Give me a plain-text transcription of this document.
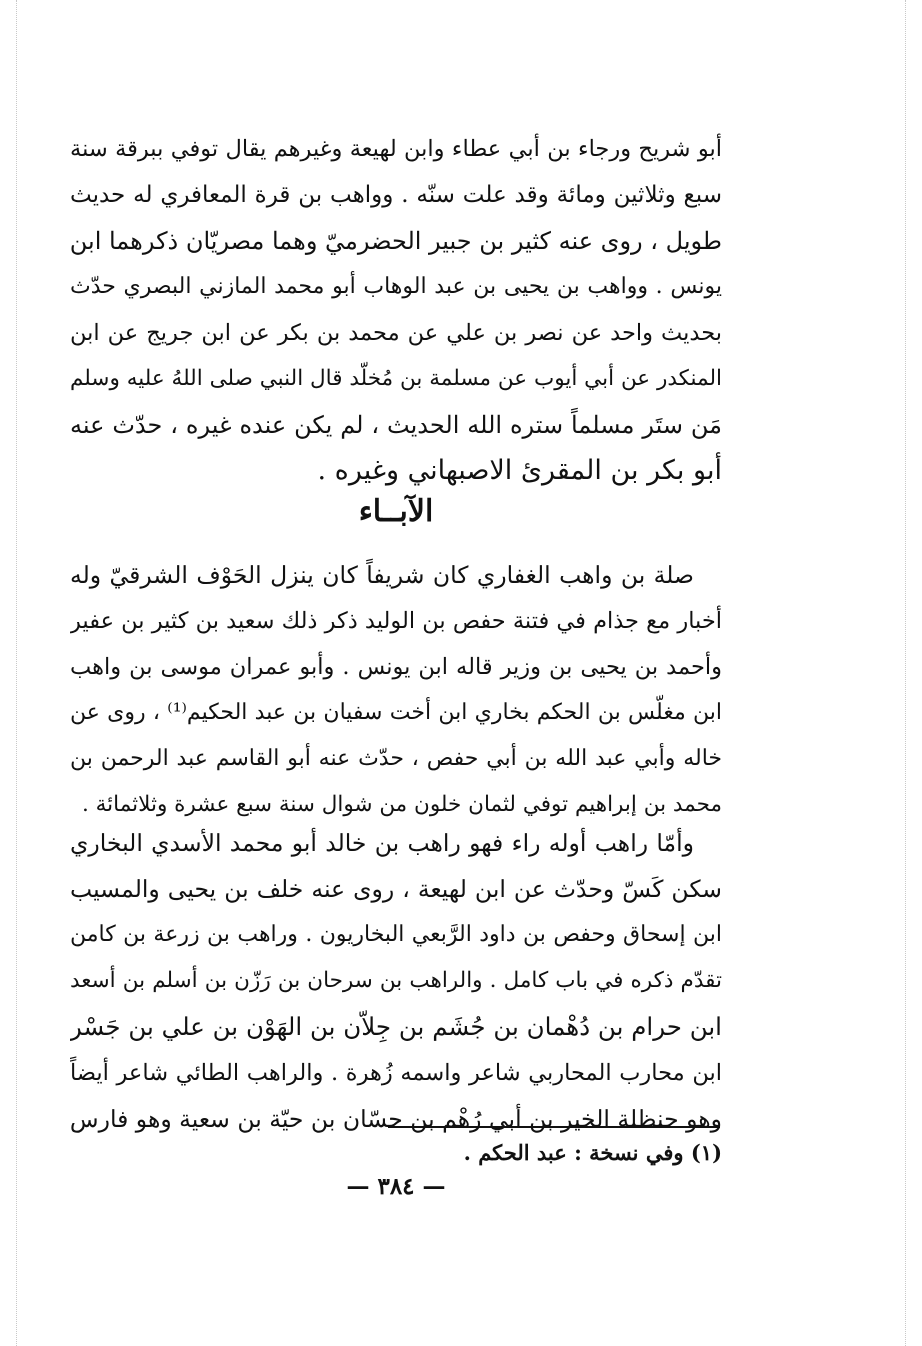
أبو شريح ورجاء بن أبي عطاء وابن لهيعة وغيرهم يقال توفي ببرقة سنة
سبع وثلاثين ومائة وقد علت سنّه . وواهب بن قرة المعافري له حديث
طويل ، روى عنه كثير بن جبير الحضرميّ وهما مصريّان ذكرهما ابن
يونس . وواهب بن يحيى بن عبد الوهاب أبو محمد المازني البصري حدّث
بحديث واحد عن نصر بن علي عن محمد بن بكر عن ابن جريج عن ابن
المنكدر عن أبي أيوب عن مسلمة بن مُخلّد قال النبي صلى اللهُ عليه وسلم
مَن ستَر مسلماً ستره الله الحديث ، لم يكن عنده غيره ، حدّث عنه
أبو بكر بن المقرئ الاصبهاني وغيره .
الآبــاء
صلة بن واهب الغفاري كان شريفاً كان ينزل الحَوْف الشرقيّ وله
أخبار مع جذام في فتنة حفص بن الوليد ذكر ذلك سعيد بن كثير بن عفير
وأحمد بن يحيى بن وزير قاله ابن يونس . وأبو عمران موسى بن واهب
ابن مغلّس بن الحكم بخاري ابن أخت سفيان بن عبد الحكيم⁽¹⁾ ، روى عن
خاله وأبي عبد الله بن أبي حفص ، حدّث عنه أبو القاسم عبد الرحمن بن
محمد بن إبراهيم توفي لثمان خلون من شوال سنة سبع عشرة وثلاثمائة .
وأمّا راهب أوله راء فهو راهب بن خالد أبو محمد الأسدي البخاري
سكن كَسّ وحدّث عن ابن لهيعة ، روى عنه خلف بن يحيى والمسيب
ابن إسحاق وحفص بن داود الرَّبعي البخاريون . وراهب بن زرعة بن كامن
تقدّم ذكره في باب كامل . والراهب بن سرحان بن رَزّن بن أسلم بن أسعد
ابن حرام بن دُهْمان بن جُشَم بن جِلاّن بن الهَوْن بن علي بن جَسْر
ابن محارب المحاربي شاعر واسمه زُهرة . والراهب الطائي شاعر أيضاً
وهو حنظلة الخير بن أبي رُهْم بن حسّان بن حيّة بن سعية وهو فارس
(١) وفي نسخة : عبد الحكم .
— ٣٨٤ —
